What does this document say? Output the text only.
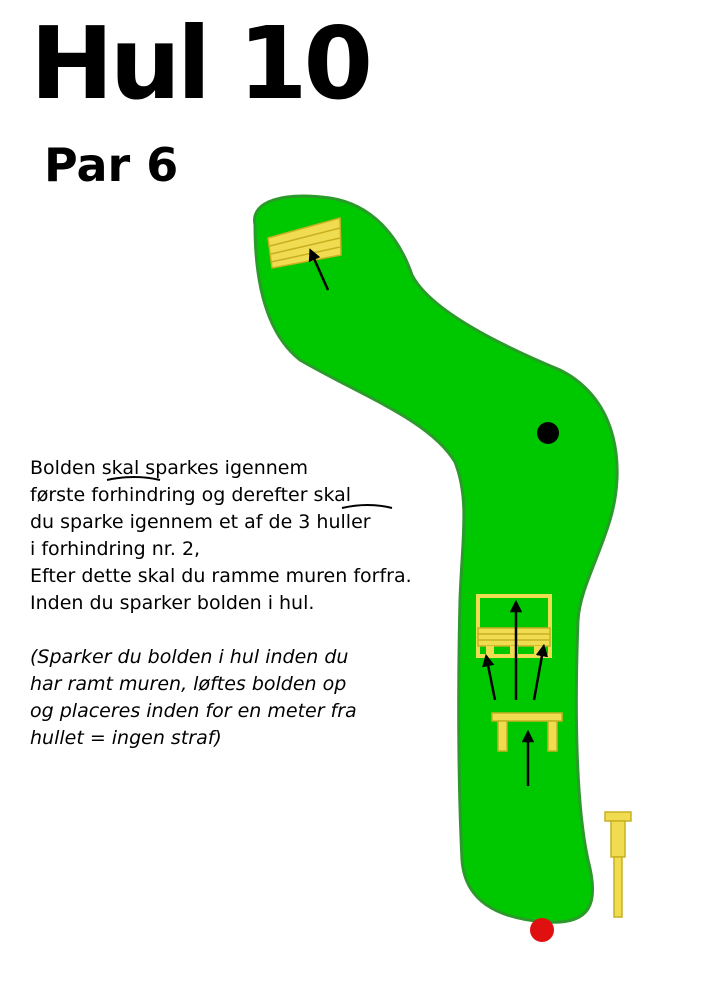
Hul 10
Par 6

Bolden skal sparkes igennem

første forhindring og derefter skal

du sparke igennem et af de 3 huller

i forhindring nr. 2,

Efter dette skal du ramme muren forfra.

Inden du sparker bolden i hul.

(Sparker du bolden i hul inden du

har ramt muren, løftes bolden op

og placeres inden for en meter fra

hullet = ingen straf)
